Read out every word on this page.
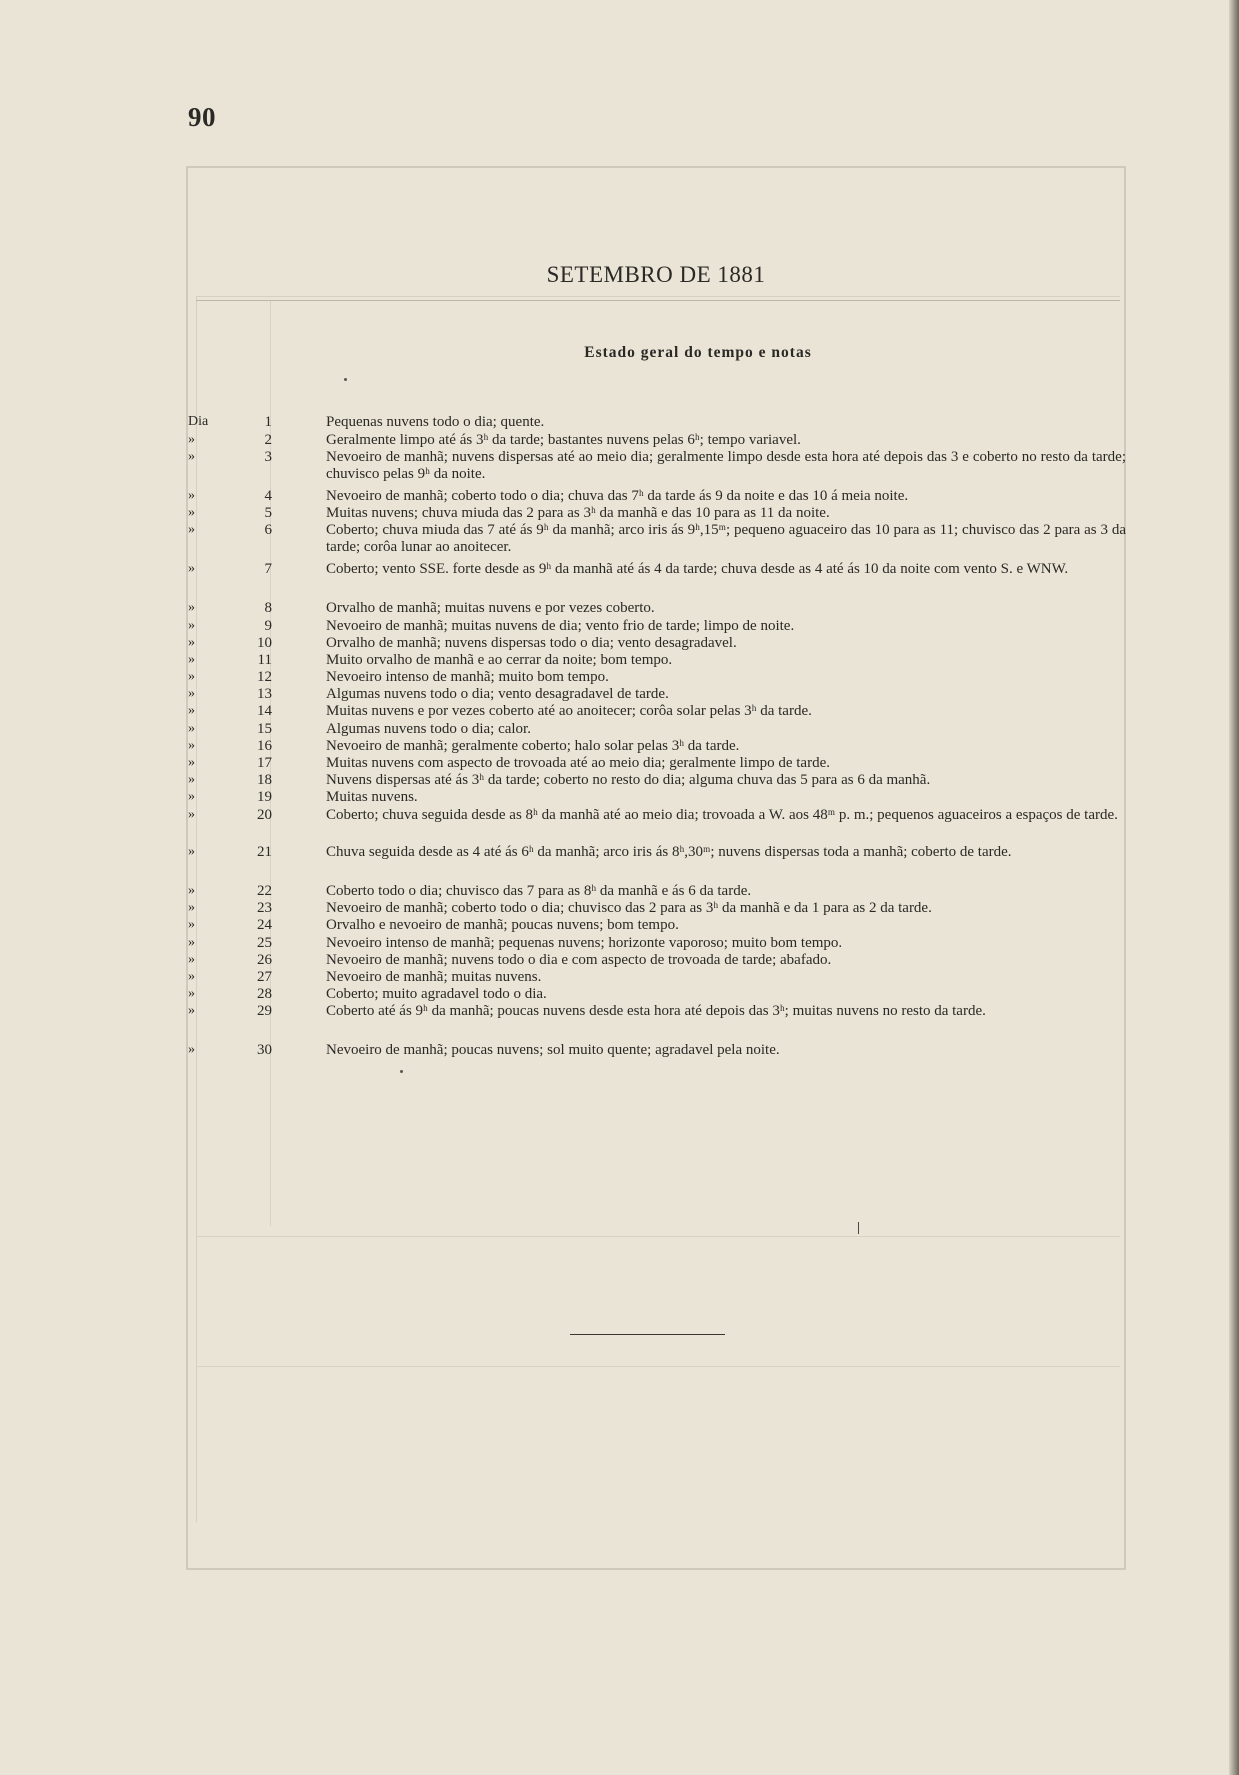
90
SETEMBRO DE 1881
Estado geral do tempo e notas
Dia	1	Pequenas nuvens todo o dia; quente.
»	2	Geralmente limpo até ás 3ʰ da tarde; bastantes nuvens pelas 6ʰ; tempo variavel.
»	3	Nevoeiro de manhã; nuvens dispersas até ao meio dia; geralmente limpo desde esta hora até depois das 3 e coberto no resto da tarde; chuvisco pelas 9ʰ da noite.
»	4	Nevoeiro de manhã; coberto todo o dia; chuva das 7ʰ da tarde ás 9 da noite e das 10 á meia noite.
»	5	Muitas nuvens; chuva miuda das 2 para as 3ʰ da manhã e das 10 para as 11 da noite.
»	6	Coberto; chuva miuda das 7 até ás 9ʰ da manhã; arco iris ás 9ʰ,15ᵐ; pequeno aguaceiro das 10 para as 11; chuvisco das 2 para as 3 da tarde; corôa lunar ao anoitecer.
»	7	Coberto; vento SSE. forte desde as 9ʰ da manhã até ás 4 da tarde; chuva desde as 4 até ás 10 da noite com vento S. e WNW.
»	8	Orvalho de manhã; muitas nuvens e por vezes coberto.
»	9	Nevoeiro de manhã; muitas nuvens de dia; vento frio de tarde; limpo de noite.
»	10	Orvalho de manhã; nuvens dispersas todo o dia; vento desagradavel.
»	11	Muito orvalho de manhã e ao cerrar da noite; bom tempo.
»	12	Nevoeiro intenso de manhã; muito bom tempo.
»	13	Algumas nuvens todo o dia; vento desagradavel de tarde.
»	14	Muitas nuvens e por vezes coberto até ao anoitecer; corôa solar pelas 3ʰ da tarde.
»	15	Algumas nuvens todo o dia; calor.
»	16	Nevoeiro de manhã; geralmente coberto; halo solar pelas 3ʰ da tarde.
»	17	Muitas nuvens com aspecto de trovoada até ao meio dia; geralmente limpo de tarde.
»	18	Nuvens dispersas até ás 3ʰ da tarde; coberto no resto do dia; alguma chuva das 5 para as 6 da manhã.
»	19	Muitas nuvens.
»	20	Coberto; chuva seguida desde as 8ʰ da manhã até ao meio dia; trovoada a W. aos 48ᵐ p. m.; pequenos aguaceiros a espaços de tarde.
»	21	Chuva seguida desde as 4 até ás 6ʰ da manhã; arco iris ás 8ʰ,30ᵐ; nuvens dispersas toda a manhã; coberto de tarde.
»	22	Coberto todo o dia; chuvisco das 7 para as 8ʰ da manhã e ás 6 da tarde.
»	23	Nevoeiro de manhã; coberto todo o dia; chuvisco das 2 para as 3ʰ da manhã e da 1 para as 2 da tarde.
»	24	Orvalho e nevoeiro de manhã; poucas nuvens; bom tempo.
»	25	Nevoeiro intenso de manhã; pequenas nuvens; horizonte vaporoso; muito bom tempo.
»	26	Nevoeiro de manhã; nuvens todo o dia e com aspecto de trovoada de tarde; abafado.
»	27	Nevoeiro de manhã; muitas nuvens.
»	28	Coberto; muito agradavel todo o dia.
»	29	Coberto até ás 9ʰ da manhã; poucas nuvens desde esta hora até depois das 3ʰ; muitas nuvens no resto da tarde.
»	30	Nevoeiro de manhã; poucas nuvens; sol muito quente; agradavel pela noite.
